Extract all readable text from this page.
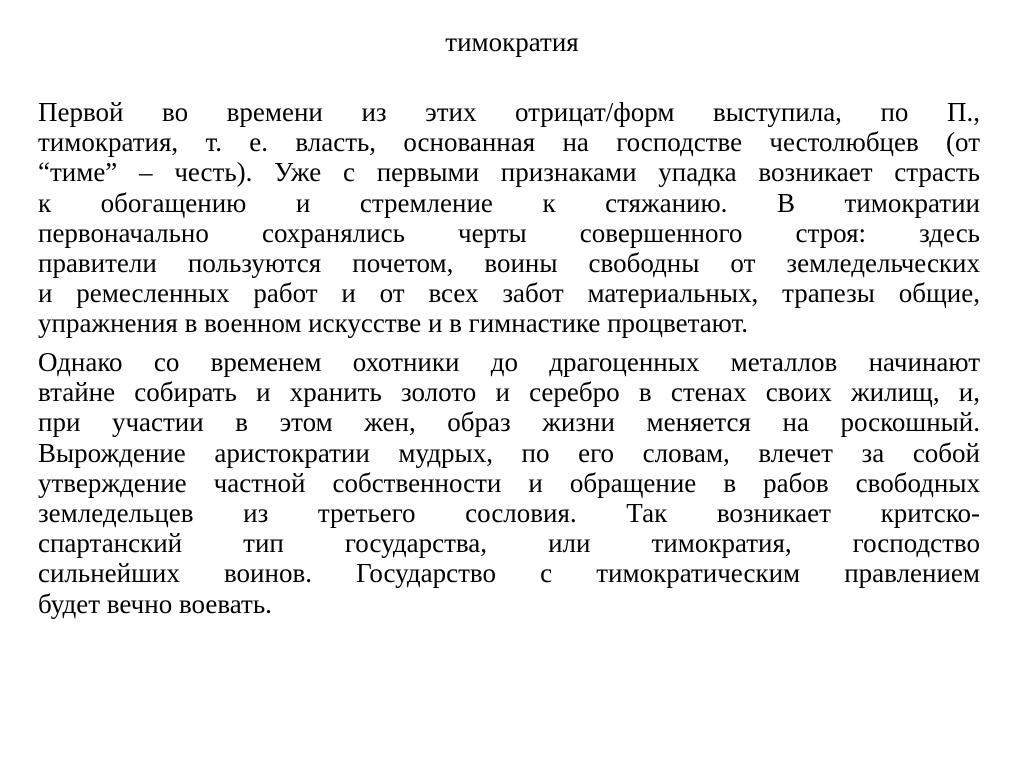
тимократия
Первой во времени из этих отрицат/форм выступила, по П.,
тимократия, т. е. власть, основанная на господстве честолюбцев (от
“тиме” – честь). Уже с первыми признаками упадка возникает страсть
к обогащению и стремление к стяжанию. В тимократии
первоначально сохранялись черты совершенного строя: здесь
правители пользуются почетом, воины свободны от земледельческих
и ремесленных работ и от всех забот материальных, трапезы общие,
упражнения в военном искусстве и в гимнастике процветают.
Однако со временем охотники до драгоценных металлов начинают
втайне собирать и хранить золото и серебро в стенах своих жилищ, и,
при участии в этом жен, образ жизни меняется на роскошный.
Вырождение аристократии мудрых, по его словам, влечет за собой
утверждение частной собственности и обращение в рабов свободных
земледельцев из третьего сословия. Так возникает критско-
спартанский тип государства, или тимократия, господство
сильнейших воинов. Государство с тимократическим правлением
будет вечно воевать.
